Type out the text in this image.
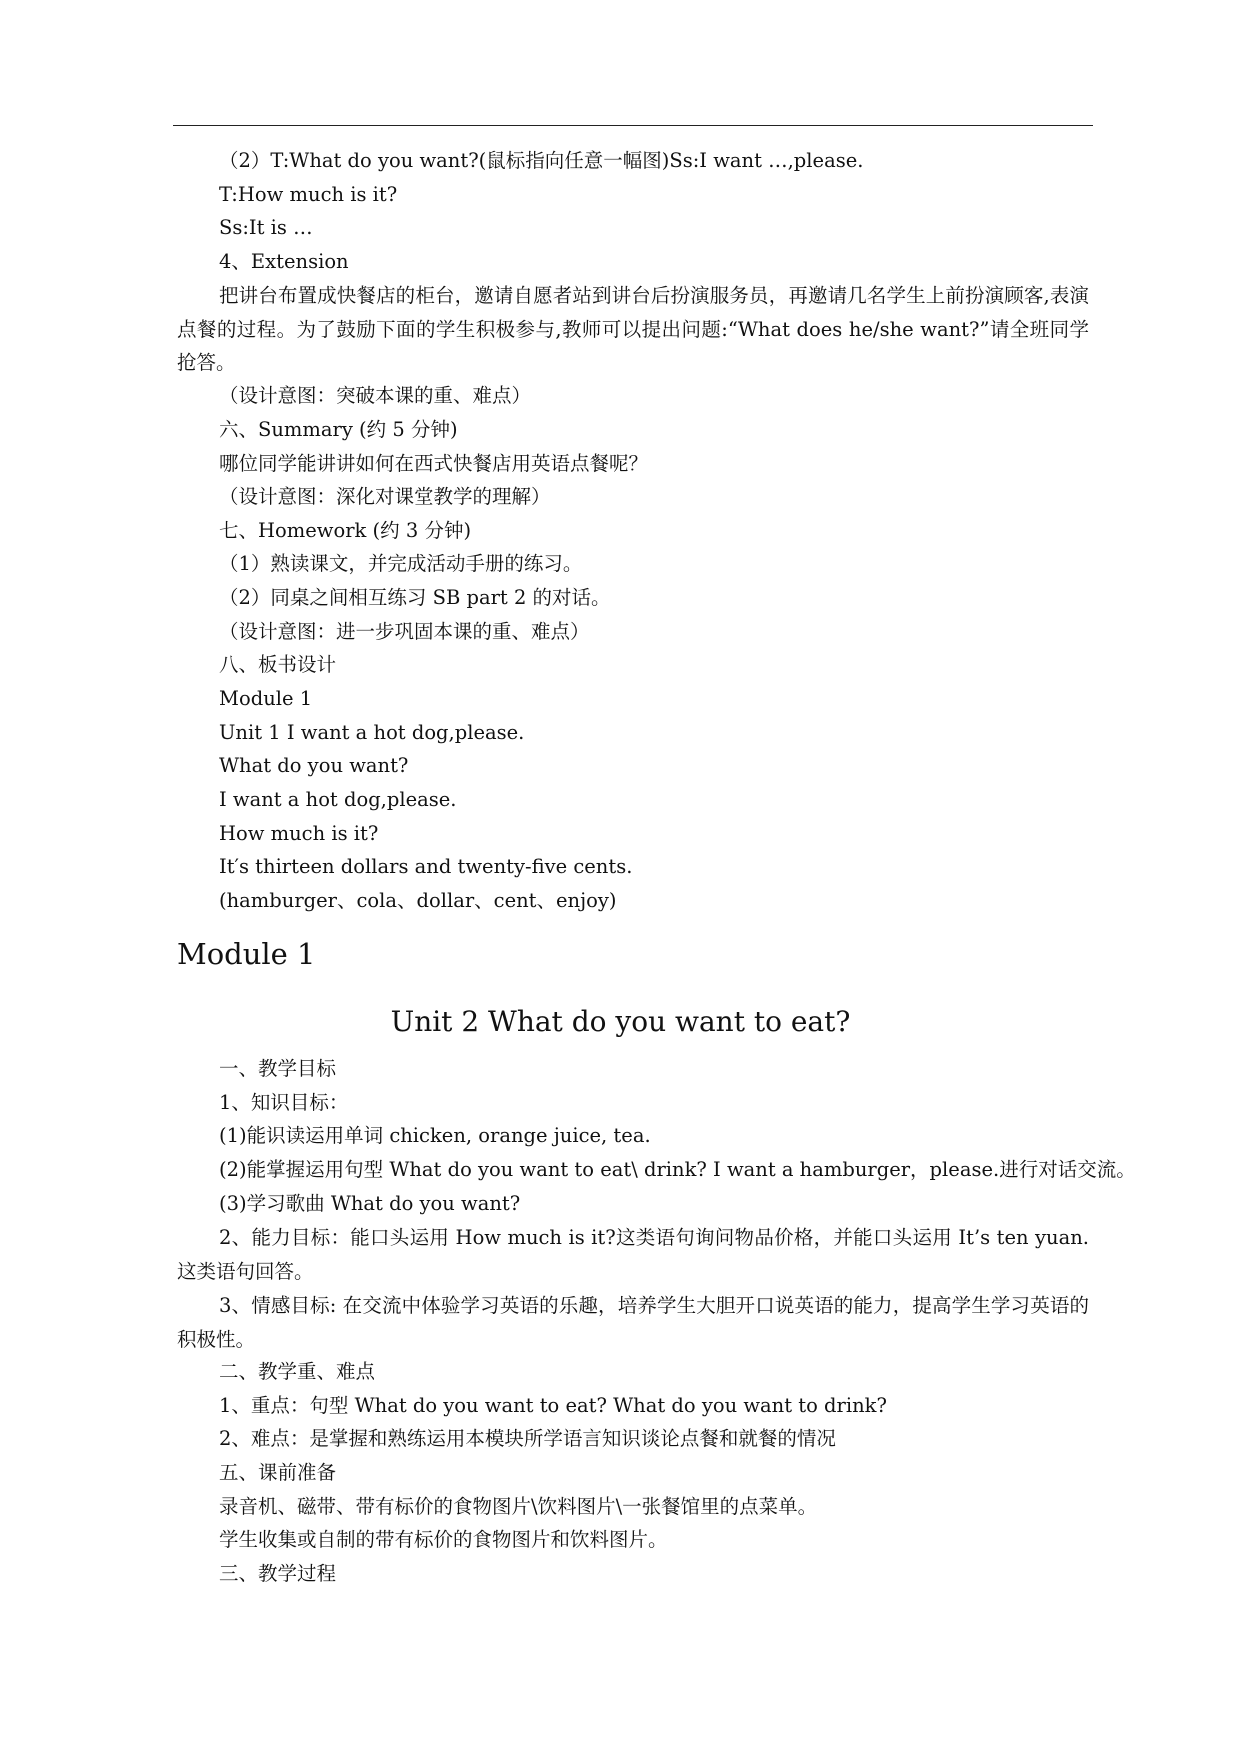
（2）T:What do you want?(鼠标指向任意一幅图)Ss:I want …,please.
T:How much is it?
Ss:It is …
4、Extension
把讲台布置成快餐店的柜台，邀请自愿者站到讲台后扮演服务员，再邀请几名学生上前扮演顾客,表演点餐的过程。为了鼓励下面的学生积极参与,教师可以提出问题:“What does he/she want?”请全班同学抢答。
（设计意图：突破本课的重、难点）
六、Summary (约 5 分钟)
哪位同学能讲讲如何在西式快餐店用英语点餐呢？
（设计意图：深化对课堂教学的理解）
七、Homework (约 3 分钟)
（1）熟读课文，并完成活动手册的练习。
（2）同桌之间相互练习 SB part 2 的对话。
（设计意图：进一步巩固本课的重、难点）
八、板书设计
Module 1
Unit 1 I want a hot dog,please.
What do you want?
I want a hot dog,please.
How much is it?
It′s thirteen dollars and twenty-five cents.
(hamburger、cola、dollar、cent、enjoy)
Module 1
Unit 2 What do you want to eat?
一、教学目标
1、知识目标：
(1)能识读运用单词 chicken, orange juice, tea.
(2)能掌握运用句型 What do you want to eat\ drink? I want a hamburger，please.进行对话交流。
(3)学习歌曲 What do you want?
2、能力目标：能口头运用 How much is it?这类语句询问物品价格，并能口头运用 It’s ten yuan.这类语句回答。
3、情感目标: 在交流中体验学习英语的乐趣，培养学生大胆开口说英语的能力，提高学生学习英语的积极性。
二、教学重、难点
1、重点：句型 What do you want to eat? What do you want to drink?
2、难点：是掌握和熟练运用本模块所学语言知识谈论点餐和就餐的情况
五、课前准备
录音机、磁带、带有标价的食物图片\饮料图片\一张餐馆里的点菜单。
学生收集或自制的带有标价的食物图片和饮料图片。
三、教学过程
